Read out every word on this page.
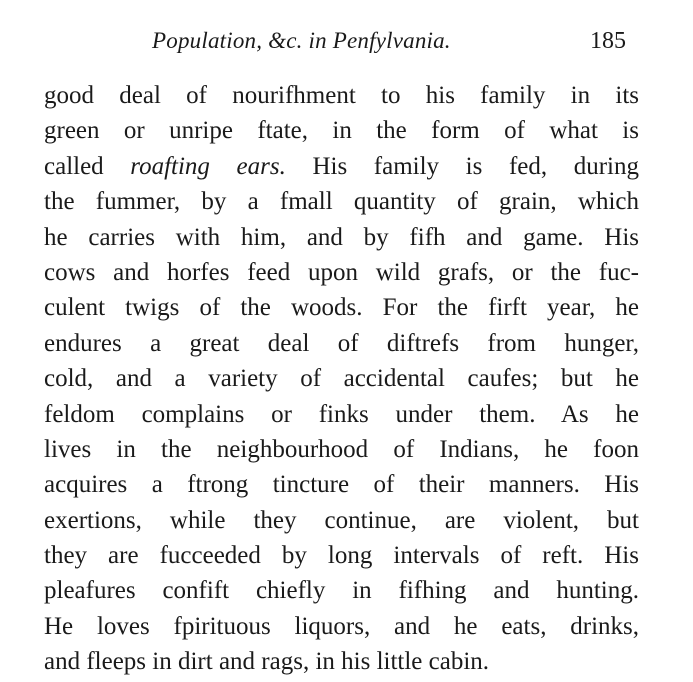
Population, &c. in Penfylvania.	185
good deal of nourifhment to his family in its
green or unripe ftate, in the form of what is
called roafting ears. His family is fed, during
the fummer, by a fmall quantity of grain, which
he carries with him, and by fifh and game. His
cows and horfes feed upon wild grafs, or the fuc-
culent twigs of the woods. For the firft year, he
endures a great deal of diftrefs from hunger,
cold, and a variety of accidental caufes; but he
feldom complains or finks under them. As he
lives in the neighbourhood of Indians, he foon
acquires a ftrong tincture of their manners. His
exertions, while they continue, are violent, but
they are fucceeded by long intervals of reft. His
pleafures confift chiefly in fifhing and hunting.
He loves fpirituous liquors, and he eats, drinks,
and fleeps in dirt and rags, in his little cabin.
